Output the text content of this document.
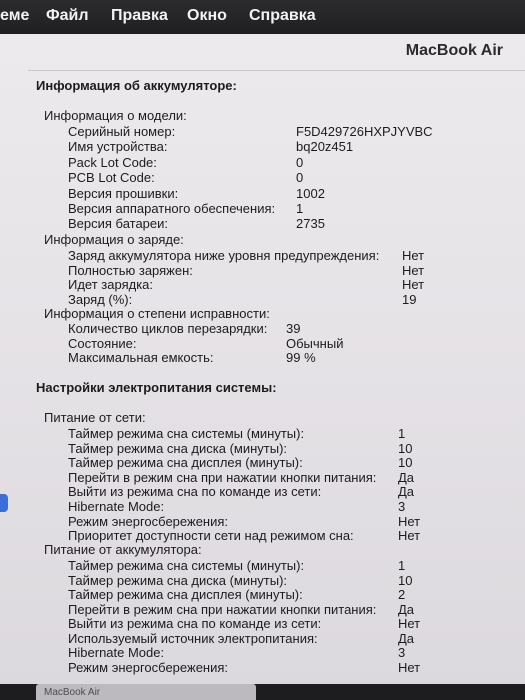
еме Файл Правка Окно Справка
MacBook Air
Информация об аккумуляторе:
Информация о модели:
Серийный номер:	F5D429726HXPJYVBC
Имя устройства:	bq20z451
Pack Lot Code:	0
PCB Lot Code:	0
Версия прошивки:	1002
Версия аппаратного обеспечения: 1
Версия батареи:	2735
Информация о заряде:
Заряд аккумулятора ниже уровня предупреждения: Нет
Полностью заряжен:	Нет
Идет зарядка:	Нет
Заряд (%):	19
Информация о степени исправности:
Количество циклов перезарядки: 39
Состояние:	Обычный
Максимальная емкость:	99 %
Настройки электропитания системы:
Питание от сети:
Таймер режима сна системы (минуты):	1
Таймер режима сна диска (минуты):	10
Таймер режима сна дисплея (минуты):	10
Перейти в режим сна при нажатии кнопки питания: Да
Выйти из режима сна по команде из сети:	Да
Hibernate Mode:	3
Режим энергосбережения:	Нет
Приоритет доступности сети над режимом сна:	Нет
Питание от аккумулятора:
Таймер режима сна системы (минуты):	1
Таймер режима сна диска (минуты):	10
Таймер режима сна дисплея (минуты):	2
Перейти в режим сна при нажатии кнопки питания: Да
Выйти из режима сна по команде из сети:	Нет
Используемый источник электропитания:	Да
Hibernate Mode:	3
Режим энергосбережения:	Нет
MacBook Air
